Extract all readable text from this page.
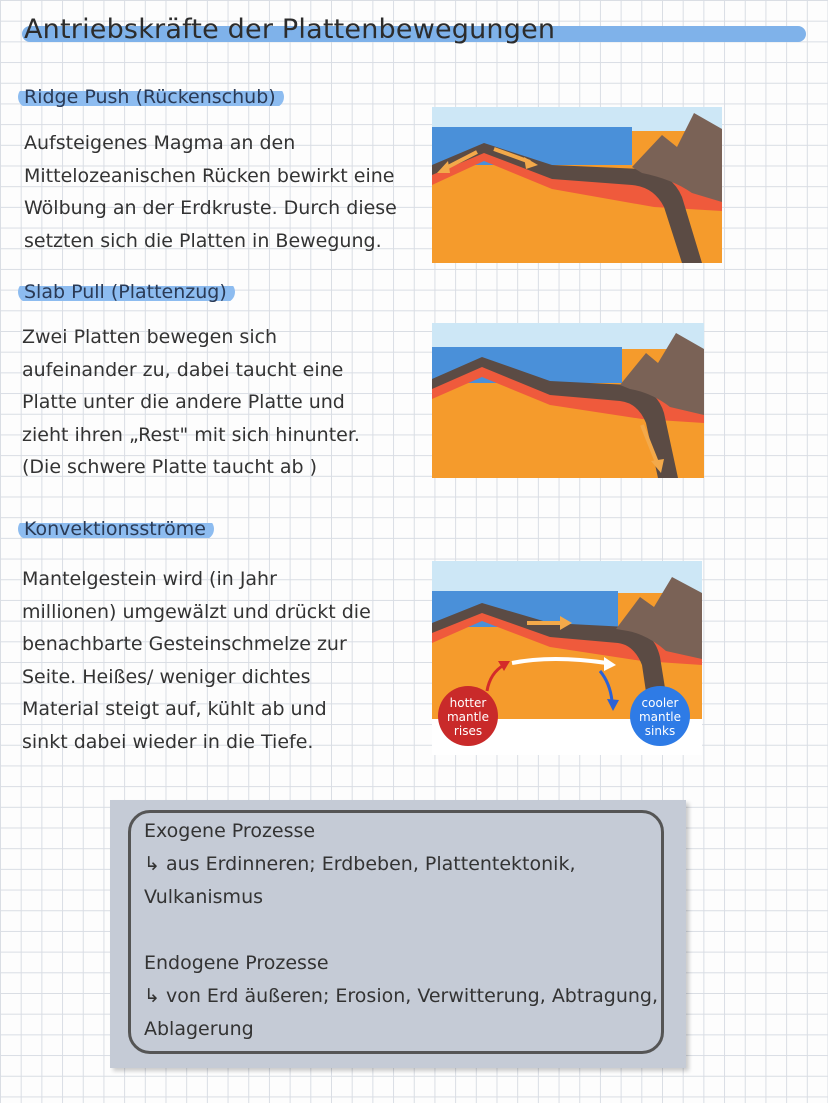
Antriebskräfte der Plattenbewegungen
Ridge Push (Rückenschub)

Aufsteigenes Magma an den
Mittelozeanischen Rücken bewirkt eine
Wölbung an der Erdkruste. Durch diese
setzten sich die Platten in Bewegung.

Slab Pull (Plattenzug)

Zwei Platten bewegen sich
aufeinander zu, dabei taucht eine
Platte unter die andere Platte und
zieht ihren „Rest" mit sich hinunter.
(Die schwere Platte taucht ab )

Konvektionsströme

Mantelgestein wird (in Jahr
millionen) umgewälzt und drückt die
benachbarte Gesteinschmelze zur
Seite. Heißes/ weniger dichtes
Material steigt auf, kühlt ab und
sinkt dabei wieder in die Tiefe.

hotter
mantle
rises
cooler
mantle
sinks

Exogene Prozesse

↳ aus Erdinneren; Erdbeben, Plattentektonik,

Vulkanismus

Endogene Prozesse

↳ von Erd äußeren; Erosion, Verwitterung, Abtragung,

Ablagerung
